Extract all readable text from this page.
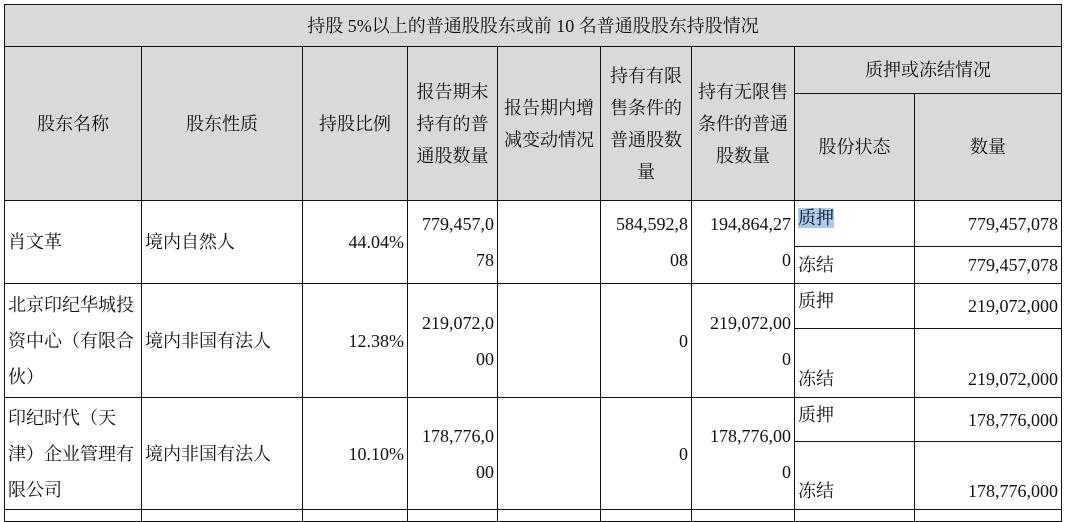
持股 5%以上的普通股股东或前 10 名普通股股东持股情况								
股东名称	股东性质	持股比例	报告期末持有的普通股数量	报告期内增减变动情况	持有有限售条件的普通股数量	持有无限售条件的普通股数量	质押或冻结情况	
							股份状态	数量
肖文革	境内自然人	44.04%	779,457,078		584,592,808	194,864,270	质押	779,457,078
							冻结	779,457,078
北京印纪华城投资中心（有限合伙）	境内非国有法人	12.38%	219,072,000		0	219,072,000	质押	219,072,000
							冻结	219,072,000
印纪时代（天津）企业管理有限公司	境内非国有法人	10.10%	178,776,000		0	178,776,000	质押	178,776,000
							冻结	178,776,000
